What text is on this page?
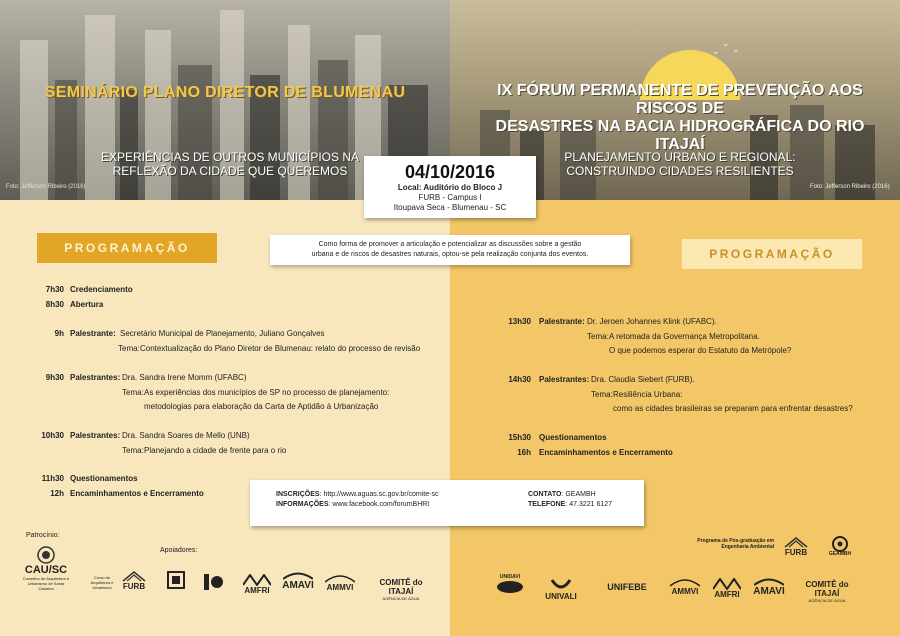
⌄
⌄
⌄
SEMINÁRIO PLANO DIRETOR DE BLUMENAU	IX FÓRUM PERMANENTE DE PREVENÇÃO AOS RISCOS DE
DESASTRES NA BACIA HIDROGRÁFICA DO RIO ITAJAÍ
EXPERIÊNCIAS DE OUTROS MUNICÍPIOS NA
REFLEXÃO DA CIDADE QUE QUEREMOS
PLANEJAMENTO URBANO E REGIONAL:
CONSTRUINDO CIDADES RESILIENTES
Foto: Jefferson Ribeiro (2016)	Foto: Jefferson Ribeiro (2016)
04/10/2016
Local: Auditório do Bloco J
FURB - Campus I
Itoupava Seca - Blumenau - SC
PROGRAMAÇÃO	PROGRAMAÇÃO
Como forma de promover a articulação e potencializar as discussões sobre a gestão
urbana e de riscos de desastres naturais, optou-se pela realização conjunta dos eventos.
7h30 Credenciamento
8h30 Abertura
9h Palestrante: Secretário Municipal de Planejamento, Juliano Gonçalves
Tema: Contextualização do Plano Diretor de Blumenau: relato do processo de revisão
9h30 Palestrantes: Dra. Sandra Irene Momm (UFABC)
Tema: As experiências dos municípios de SP no processo de planejamento:
metodologias para elaboração da Carta de Aptidão à Urbanização
10h30 Palestrantes: Dra. Sandra Soares de Mello (UNB)
Tema: Planejando a cidade de frente para o rio
11h30 Questionamentos
12h Encaminhamentos e Encerramento
13h30 Palestrante: Dr. Jeroen Johannes Klink (UFABC).
Tema: A retomada da Governança Metropolitana.
O que podemos esperar do Estatuto da Metrópole?
14h30 Palestrantes: Dra. Claudia Siebert (FURB).
Tema: Resiliência Urbana:
como as cidades brasileiras se preparam para enfrentar desastres?
15h30 Questionamentos
16h Encaminhamentos e Encerramento
INSCRIÇÕES: http://www.aguas.sc.gov.br/comite-sc
INFORMAÇÕES: www.facebook.com/forumBHRI
CONTATO: GEAMBH
TELEFONE: 47.3221 6127
Patrocínio:
Apoiadores:
CAU/SC
Conselho de Arquitetura e Urbanismo de Santa Catarina
Curso de Arquitetura e Urbanismo	FURB	AMFRI	AMAVI	AMMVI
COMITÊ do ITAJAÍ
AGÊNCIA DE ÁGUA
Programa de Pós-graduação em Engenharia Ambiental
FURB	GEAMBH
UNIDAVI
UNIVALI
UNIFEBE	AMMVI	AMFRI	AMAVI
COMITÊ do ITAJAÍ
AGÊNCIA DE ÁGUA
